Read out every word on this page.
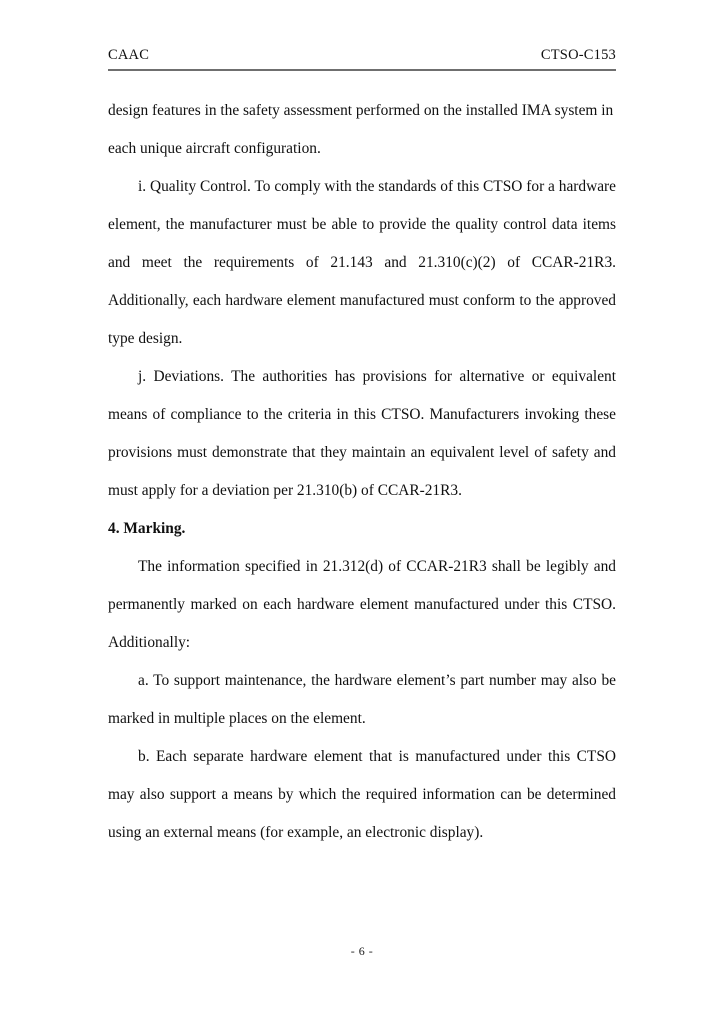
CAAC	CTSO-C153

design features in the safety assessment performed on the installed IMA system in each unique aircraft configuration.

i. Quality Control. To comply with the standards of this CTSO for a hardware element, the manufacturer must be able to provide the quality control data items and meet the requirements of 21.143 and 21.310(c)(2) of CCAR-21R3. Additionally, each hardware element manufactured must conform to the approved type design.

j. Deviations. The authorities has provisions for alternative or equivalent means of compliance to the criteria in this CTSO. Manufacturers invoking these provisions must demonstrate that they maintain an equivalent level of safety and must apply for a deviation per 21.310(b) of CCAR-21R3.

4. Marking.

The information specified in 21.312(d) of CCAR-21R3 shall be legibly and permanently marked on each hardware element manufactured under this CTSO. Additionally:

a. To support maintenance, the hardware element’s part number may also be marked in multiple places on the element.

b. Each separate hardware element that is manufactured under this CTSO may also support a means by which the required information can be determined using an external means (for example, an electronic display).

- 6 -
